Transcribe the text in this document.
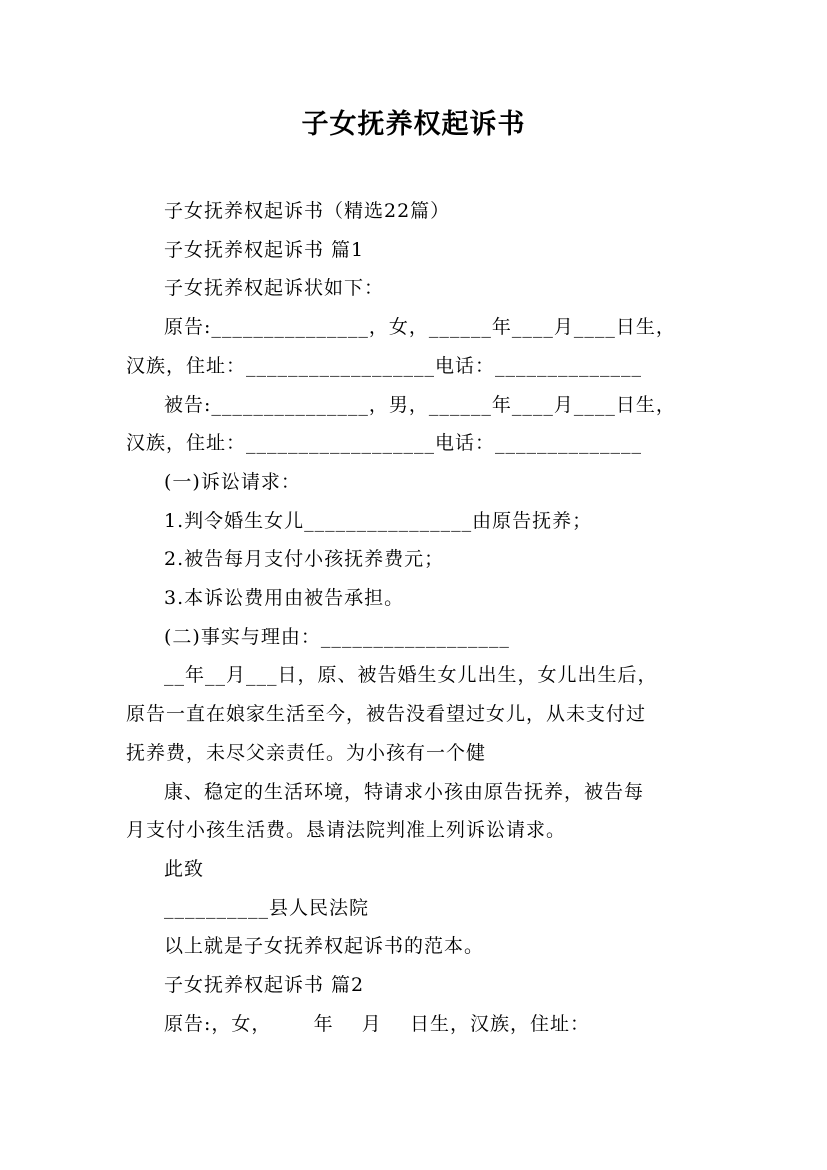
子女抚养权起诉书

子女抚养权起诉书（精选22篇）

子女抚养权起诉书 篇1

子女抚养权起诉状如下：

原告:_______________，女，______年____月____日生，

汉族，住址：__________________电话：______________

被告:_______________，男，______年____月____日生，

汉族，住址：__________________电话：______________

(一)诉讼请求：

1.判令婚生女儿________________由原告抚养；

2.被告每月支付小孩抚养费元；

3.本诉讼费用由被告承担。

(二)事实与理由：__________________

__年__月___日，原、被告婚生女儿出生，女儿出生后，

原告一直在娘家生活至今，被告没看望过女儿，从未支付过

抚养费，未尽父亲责任。为小孩有一个健

康、稳定的生活环境，特请求小孩由原告抚养，被告每

月支付小孩生活费。恳请法院判准上列诉讼请求。

此致

__________县人民法院

以上就是子女抚养权起诉书的范本。

子女抚养权起诉书 篇2

原告:，女，      年    月    日生，汉族，住址：
